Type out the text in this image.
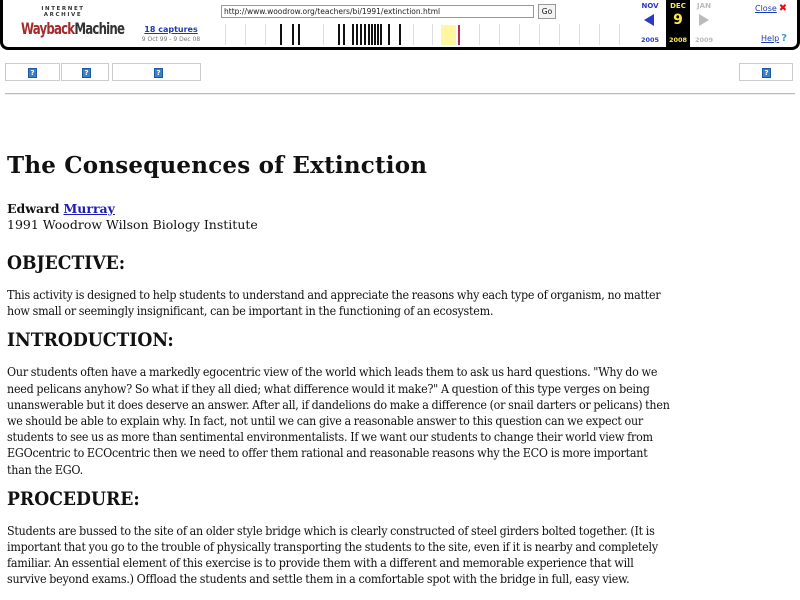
INTERNET ARCHIVE
WaybackMachine	18 captures
9 Oct 99 - 9 Dec 08
http://www.woodrow.org/teachers/bi/1991/extinction.html	Go
NOV
2005
DEC
9
2008
JAN
2009
Close ✖
Help ?
?	?	?	?
The Consequences of Extinction
Edward Murray
1991 Woodrow Wilson Biology Institute
OBJECTIVE:

This activity is designed to help students to understand and appreciate the reasons why each type of organism, no matter

how small or seemingly insignificant, can be important in the functioning of an ecosystem.

INTRODUCTION:

Our students often have a markedly egocentric view of the world which leads them to ask us hard questions. "Why do we

need pelicans anyhow? So what if they all died; what difference would it make?" A question of this type verges on being

unanswerable but it does deserve an answer. After all, if dandelions do make a difference (or snail darters or pelicans) then

we should be able to explain why. In fact, not until we can give a reasonable answer to this question can we expect our

students to see us as more than sentimental environmentalists. If we want our students to change their world view from

EGOcentric to ECOcentric then we need to offer them rational and reasonable reasons why the ECO is more important

than the EGO.

PROCEDURE:

Students are bussed to the site of an older style bridge which is clearly constructed of steel girders bolted together. (It is

important that you go to the trouble of physically transporting the students to the site, even if it is nearby and completely

familiar. An essential element of this exercise is to provide them with a different and memorable experience that will

survive beyond exams.) Offload the students and settle them in a comfortable spot with the bridge in full, easy view.
